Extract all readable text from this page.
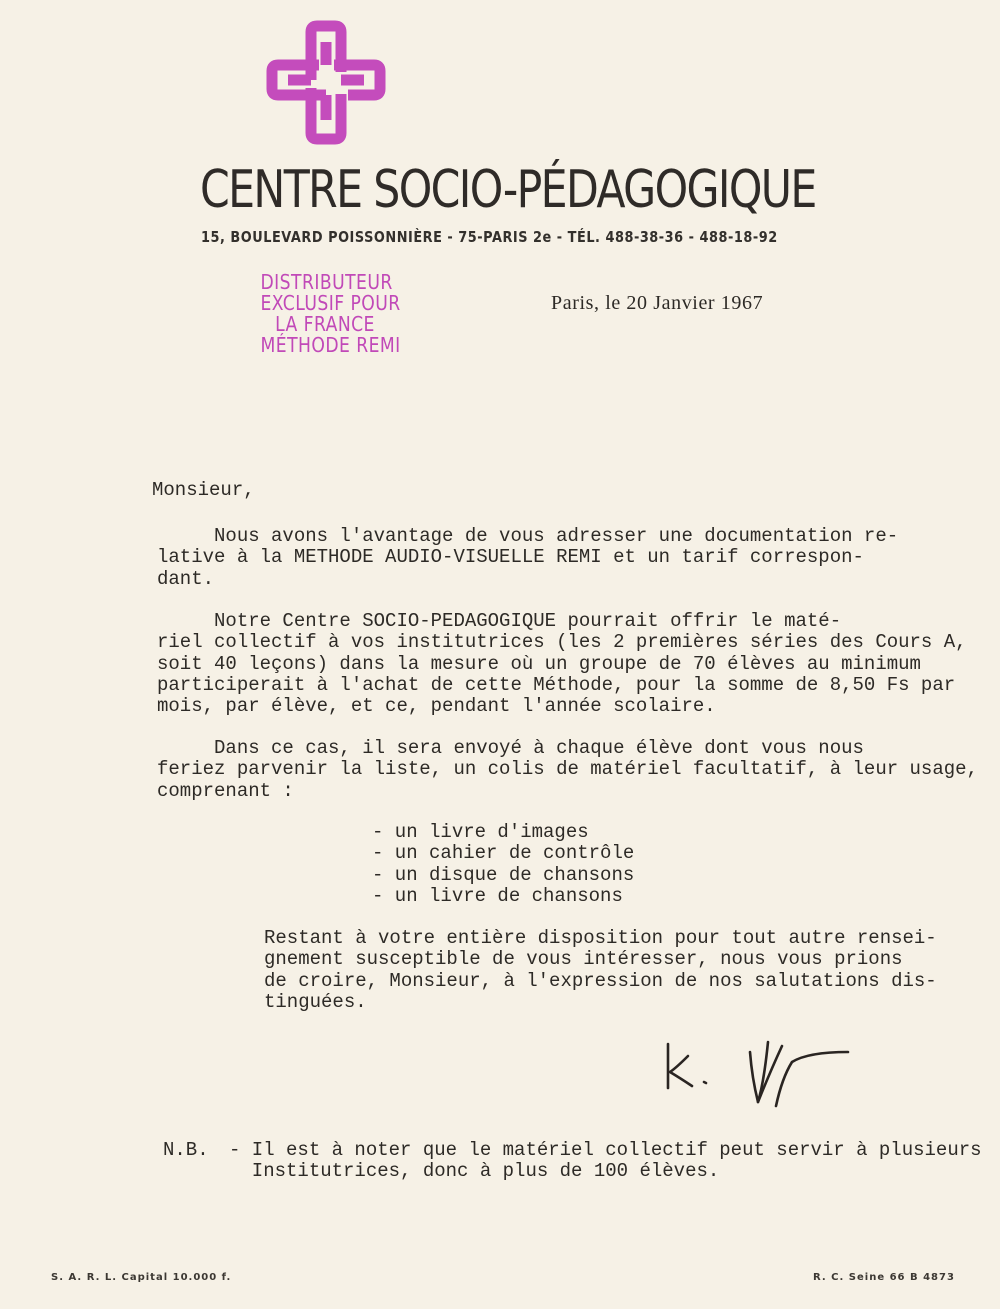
CENTRE SOCIO-PÉDAGOGIQUE
15, BOULEVARD POISSONNIÈRE - 75-PARIS 2e - TÉL. 488-38-36 - 488-18-92
DISTRIBUTEUR
EXCLUSIF POUR
LA FRANCE
MÉTHODE REMI
Paris, le 20 Janvier 1967
Monsieur,
Nous avons l'avantage de vous adresser une documentation re-
lative à la METHODE AUDIO-VISUELLE REMI et un tarif correspon-
dant.
Notre Centre SOCIO-PEDAGOGIQUE pourrait offrir le maté-
riel collectif à vos institutrices (les 2 premières séries des Cours A,
soit 40 leçons) dans la mesure où un groupe de 70 élèves au minimum
participerait à l'achat de cette Méthode, pour la somme de 8,50 Fs par
mois, par élève, et ce, pendant l'année scolaire.
Dans ce cas, il sera envoyé à chaque élève dont vous nous
feriez parvenir la liste, un colis de matériel facultatif, à leur usage,
comprenant :
- un livre d'images
- un cahier de contrôle
- un disque de chansons
- un livre de chansons
Restant à votre entière disposition pour tout autre rensei-
gnement susceptible de vous intéresser, nous vous prions
de croire, Monsieur, à l'expression de nos salutations dis-
tinguées.
N.B. - Il est à noter que le matériel collectif peut servir à plusieurs
Institutrices, donc à plus de 100 élèves.
S. A. R. L. Capital 10.000 f.	R. C. Seine 66 B 4873
